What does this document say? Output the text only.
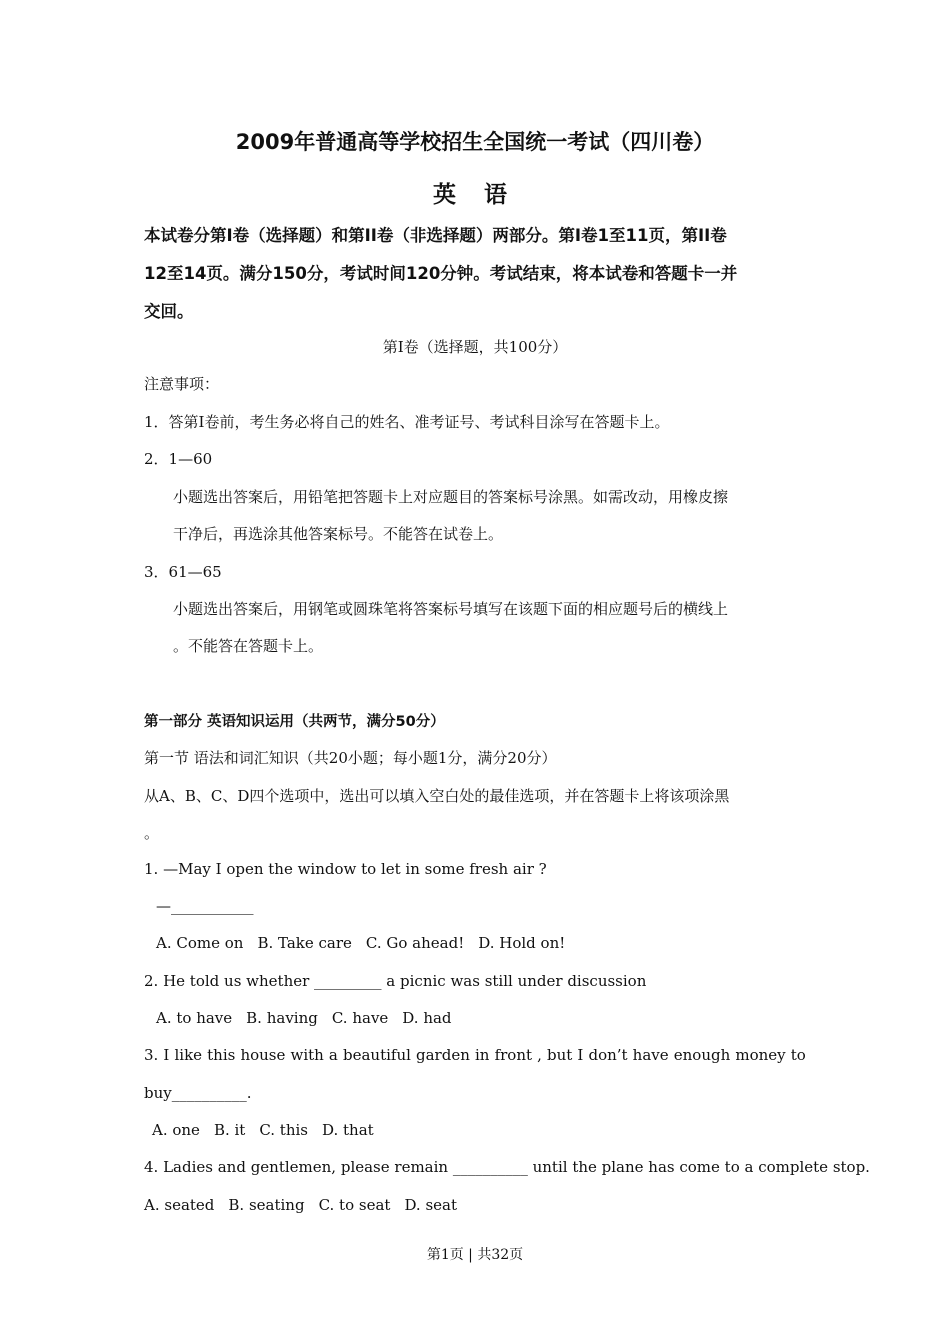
2009年普通高等学校招生全国统一考试（四川卷）
英 语
本试卷分第I卷（选择题）和第II卷（非选择题）两部分。第I卷1至11页，第II卷
12至14页。满分150分，考试时间120分钟。考试结束，将本试卷和答题卡一并
交回。
第I卷（选择题，共100分）
注意事项：
1．答第I卷前，考生务必将自己的姓名、准考证号、考试科目涂写在答题卡上。
2．1—60
小题选出答案后，用铅笔把答题卡上对应题目的答案标号涂黑。如需改动，用橡皮擦
干净后，再选涂其他答案标号。不能答在试卷上。
3．61—65
小题选出答案后，用钢笔或圆珠笔将答案标号填写在该题下面的相应题号后的横线上
。不能答在答题卡上。
第一部分 英语知识运用（共两节，满分50分）
第一节 语法和词汇知识（共20小题；每小题1分，满分20分）
从A、B、C、D四个选项中，选出可以填入空白处的最佳选项，并在答题卡上将该项涂黑
。
1. —May I open the window to let in some fresh air ?
—___________
A. Come on B. Take care C. Go ahead! D. Hold on!
2. He told us whether _________ a picnic was still under discussion
A. to have B. having C. have D. had
3. I like this house with a beautiful garden in front , but I don’t have enough money to
buy__________.
A. one B. it C. this D. that
4. Ladies and gentlemen, please remain __________ until the plane has come to a complete stop.
A. seated B. seating C. to seat D. seat
第1页 | 共32页
